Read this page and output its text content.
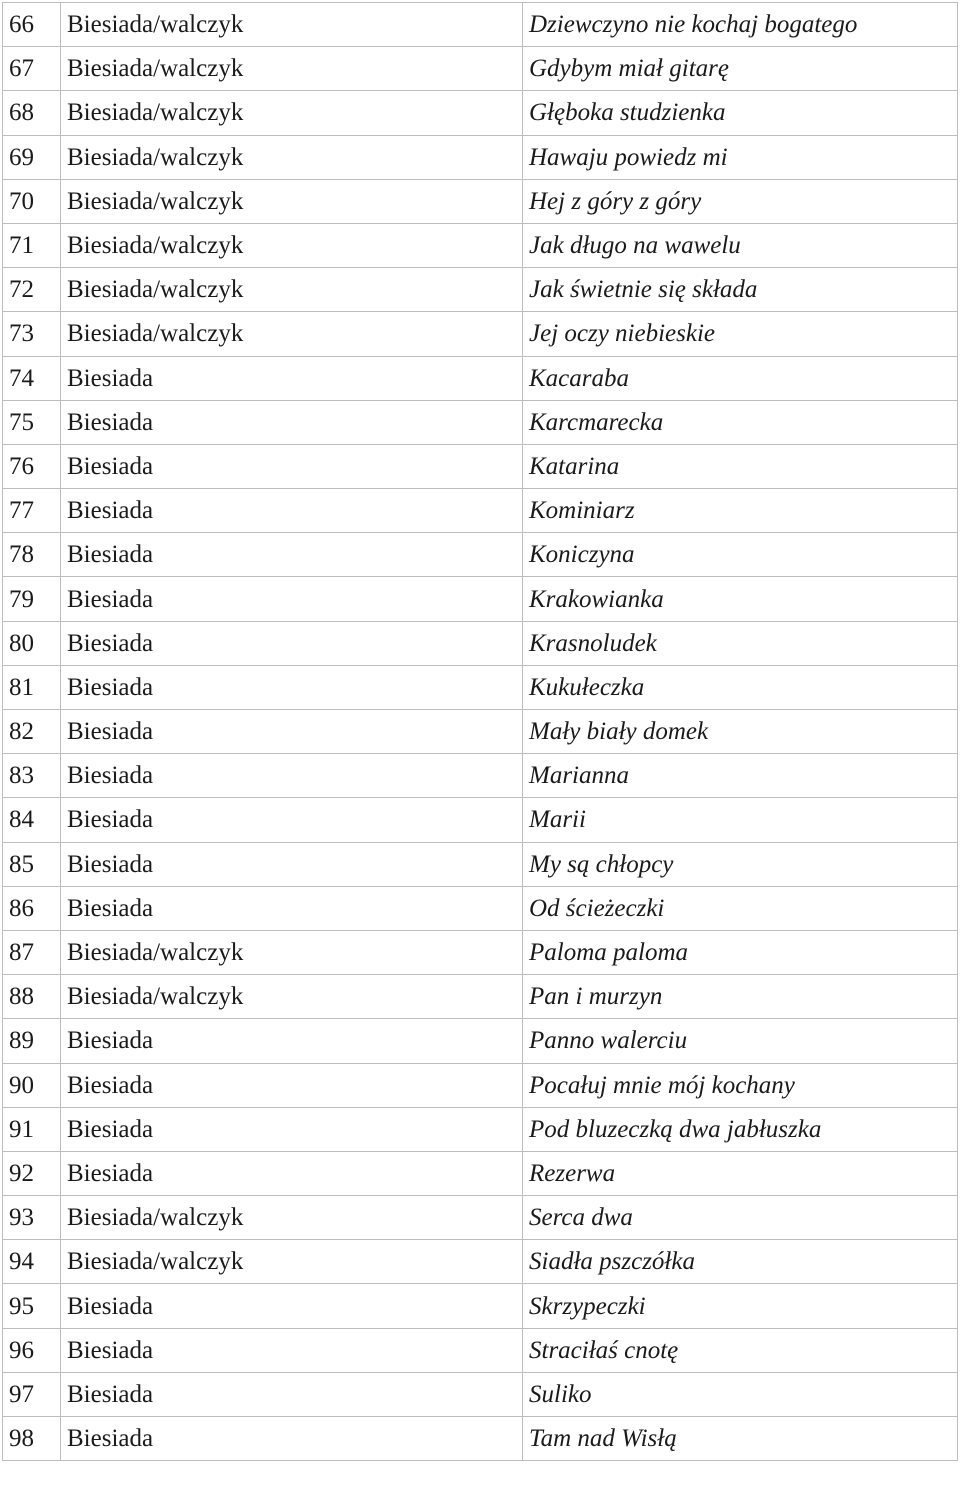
66	Biesiada/walczyk	Dziewczyno nie kochaj bogatego
67	Biesiada/walczyk	Gdybym miał gitarę
68	Biesiada/walczyk	Głęboka studzienka
69	Biesiada/walczyk	Hawaju powiedz mi
70	Biesiada/walczyk	Hej z góry z góry
71	Biesiada/walczyk	Jak długo na wawelu
72	Biesiada/walczyk	Jak świetnie się składa
73	Biesiada/walczyk	Jej oczy niebieskie
74	Biesiada	Kacaraba
75	Biesiada	Karcmarecka
76	Biesiada	Katarina
77	Biesiada	Kominiarz
78	Biesiada	Koniczyna
79	Biesiada	Krakowianka
80	Biesiada	Krasnoludek
81	Biesiada	Kukułeczka
82	Biesiada	Mały biały domek
83	Biesiada	Marianna
84	Biesiada	Marii
85	Biesiada	My są chłopcy
86	Biesiada	Od ścieżeczki
87	Biesiada/walczyk	Paloma paloma
88	Biesiada/walczyk	Pan i murzyn
89	Biesiada	Panno walerciu
90	Biesiada	Pocałuj mnie mój kochany
91	Biesiada	Pod bluzeczką dwa jabłuszka
92	Biesiada	Rezerwa
93	Biesiada/walczyk	Serca dwa
94	Biesiada/walczyk	Siadła pszczółka
95	Biesiada	Skrzypeczki
96	Biesiada	Straciłaś cnotę
97	Biesiada	Suliko
98	Biesiada	Tam nad Wisłą
